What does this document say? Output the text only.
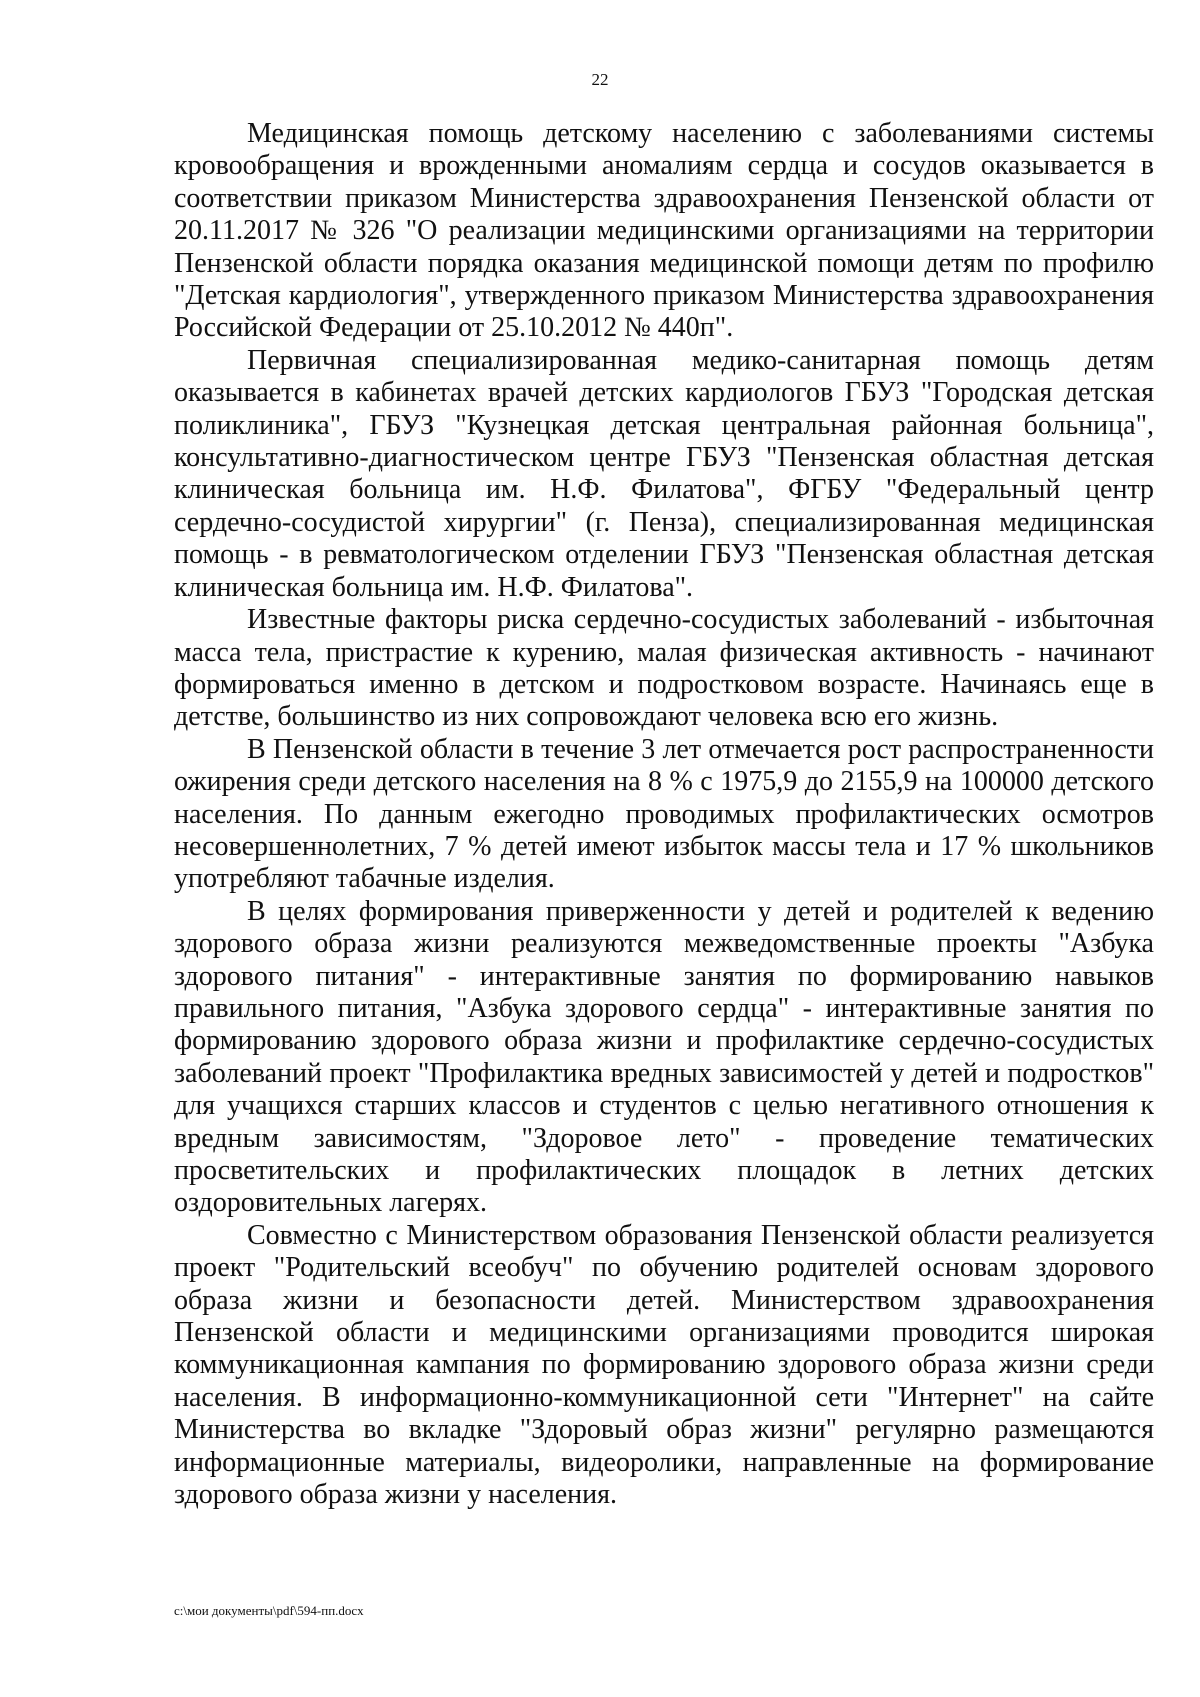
22

Медицинская помощь детскому населению с заболеваниями системы кровообращения и врожденными аномалиям сердца и сосудов оказывается в соответствии приказом Министерства здравоохранения Пензенской области от 20.11.2017 № 326 "О реализации медицинскими организациями на территории Пензенской области порядка оказания медицинской помощи детям по профилю "Детская кардиология", утвержденного приказом Министерства здравоохранения Российской Федерации от 25.10.2012 № 440п".

Первичная специализированная медико-санитарная помощь детям оказывается в кабинетах врачей детских кардиологов ГБУЗ "Городская детская поликлиника", ГБУЗ "Кузнецкая детская центральная районная больница", консультативно-диагностическом центре ГБУЗ "Пензенская областная детская клиническая больница им. Н.Ф. Филатова", ФГБУ "Федеральный центр сердечно-сосудистой хирургии" (г. Пенза), специализированная медицинская помощь - в ревматологическом отделении ГБУЗ "Пензенская областная детская клиническая больница им. Н.Ф. Филатова".

Известные факторы риска сердечно-сосудистых заболеваний - избыточная масса тела, пристрастие к курению, малая физическая активность - начинают формироваться именно в детском и подростковом возрасте. Начинаясь еще в детстве, большинство из них сопровождают человека всю его жизнь.

В Пензенской области в течение 3 лет отмечается рост распространенности ожирения среди детского населения на 8 % с 1975,9 до 2155,9 на 100000 детского населения. По данным ежегодно проводимых профилактических осмотров несовершеннолетних, 7 % детей имеют избыток массы тела и 17 % школьников употребляют табачные изделия.

В целях формирования приверженности у детей и родителей к ведению здорового образа жизни реализуются межведомственные проекты "Азбука здорового питания" - интерактивные занятия по формированию навыков правильного питания, "Азбука здорового сердца" - интерактивные занятия по формированию здорового образа жизни и профилактике сердечно-сосудистых заболеваний проект "Профилактика вредных зависимостей у детей и подростков" для учащихся старших классов и студентов с целью негативного отношения к вредным зависимостям, "Здоровое лето" - проведение тематических просветительских и профилактических площадок в летних детских оздоровительных лагерях.

Совместно с Министерством образования Пензенской области реализуется проект "Родительский всеобуч" по обучению родителей основам здорового образа жизни и безопасности детей. Министерством здравоохранения Пензенской области и медицинскими организациями проводится широкая коммуникационная кампания по формированию здорового образа жизни среди населения. В информационно-коммуникационной сети "Интернет" на сайте Министерства во вкладке "Здоровый образ жизни" регулярно размещаются информационные материалы, видеоролики, направленные на формирование здорового образа жизни у населения.

c:\мои документы\pdf\594-пп.docx
